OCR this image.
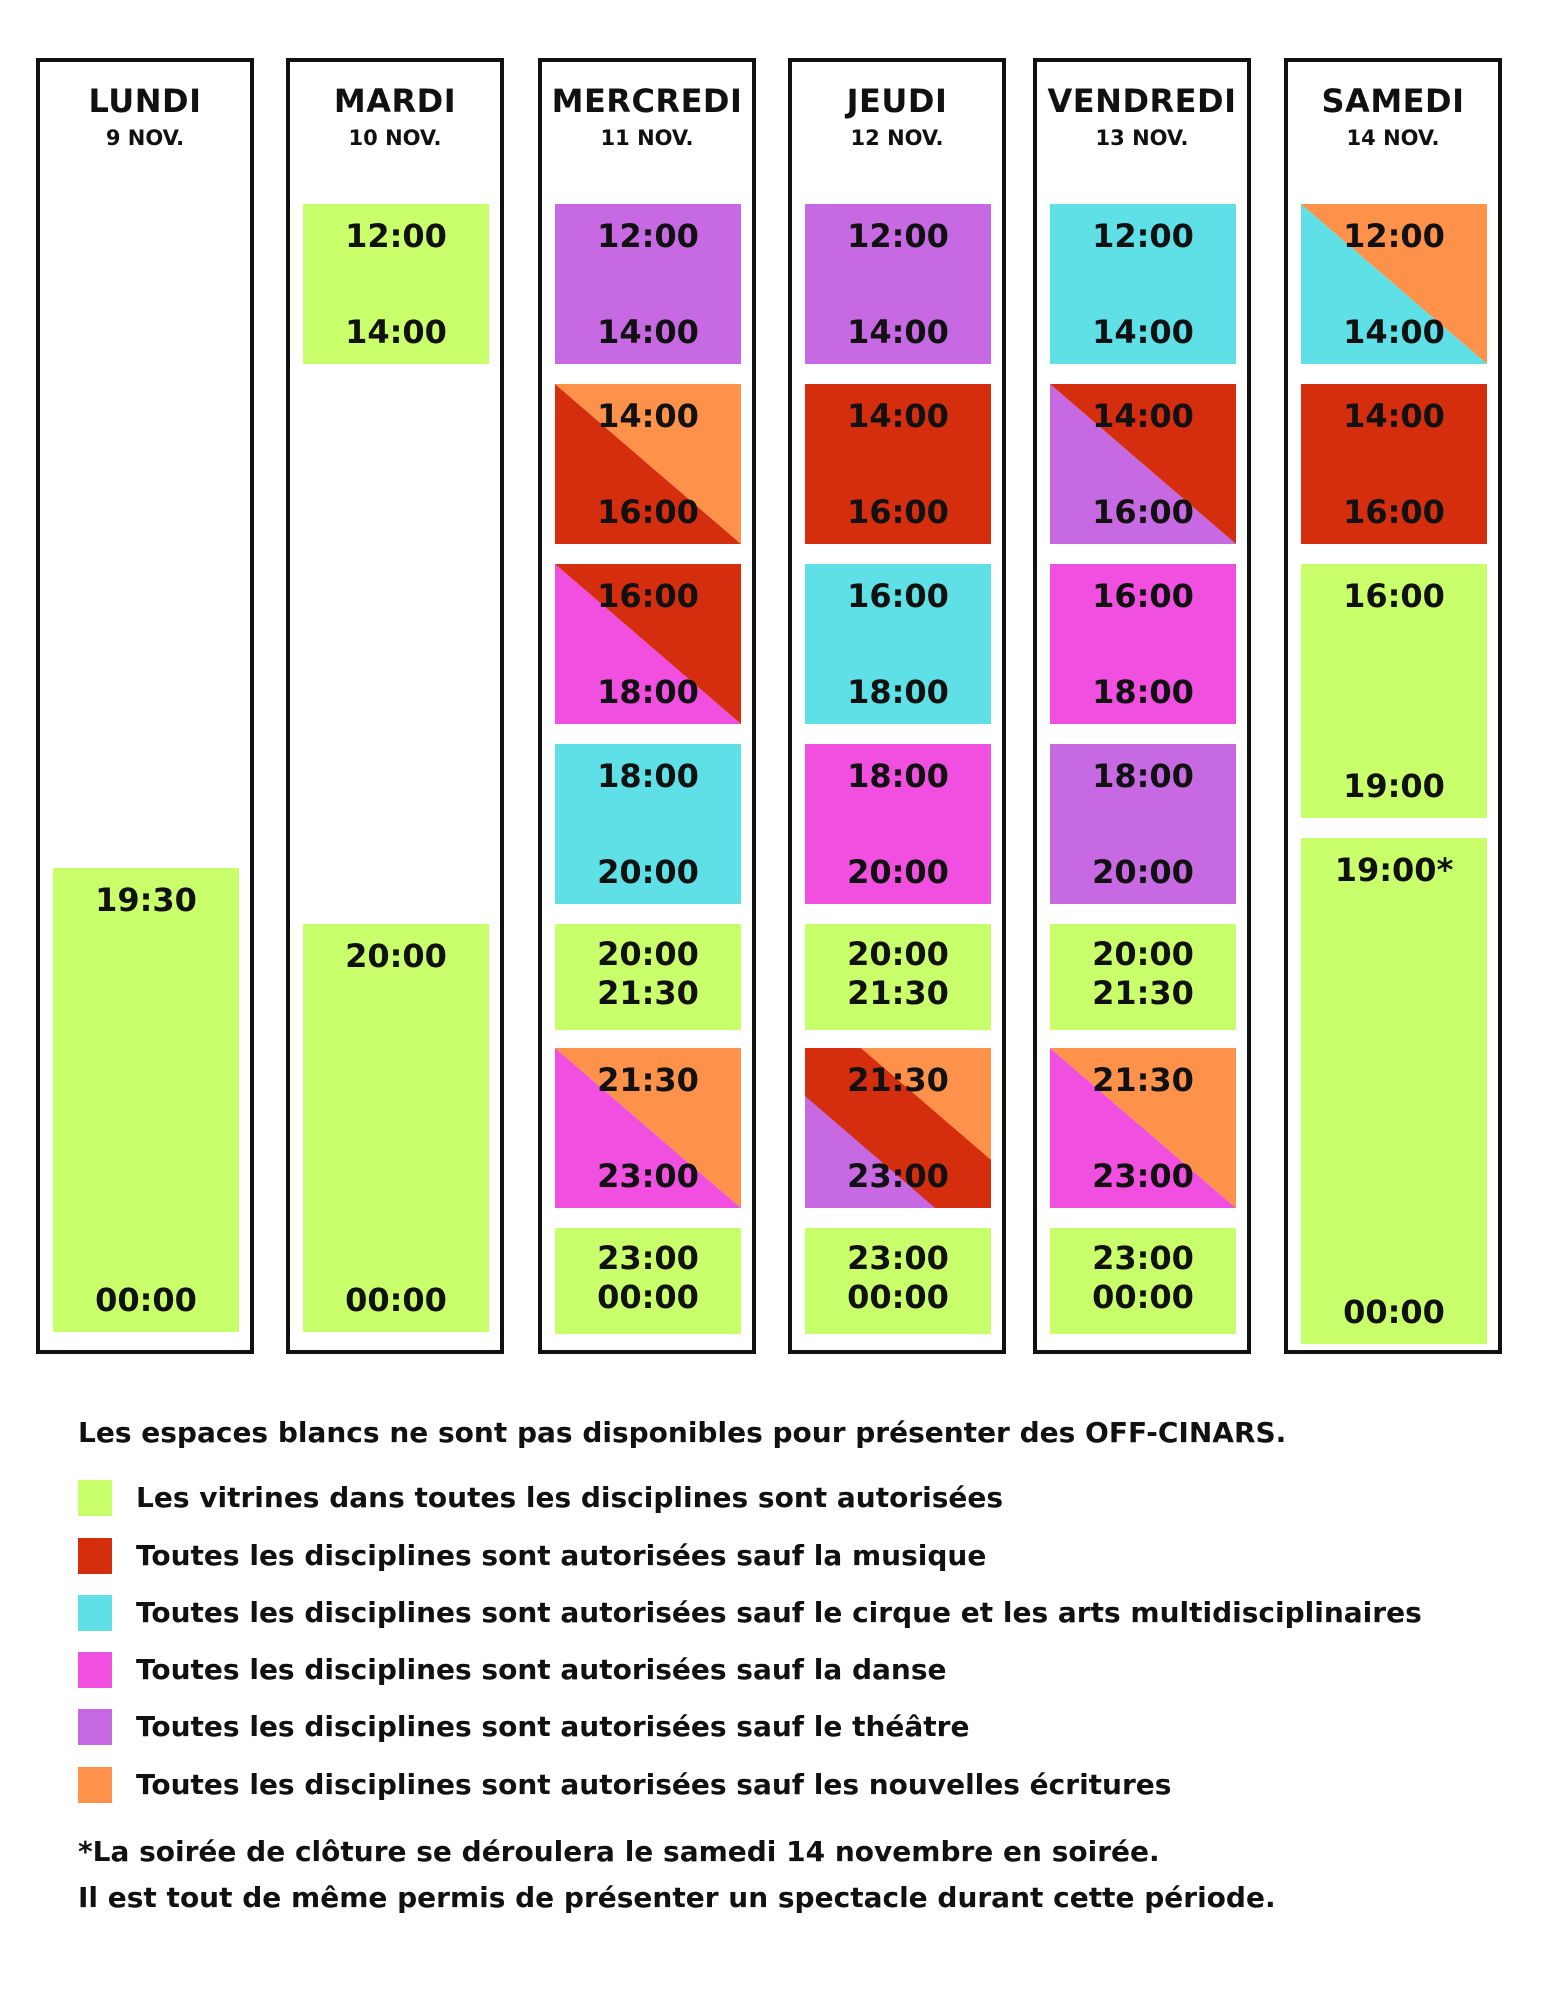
LUNDI
9 NOV.
19:30
00:00
MARDI
10 NOV.
12:00
14:00
20:00
00:00
MERCREDI
11 NOV.
12:00
14:00
14:00
16:00
16:00
18:00
18:00
20:00
20:00
21:30
21:30
23:00
23:00
00:00
JEUDI
12 NOV.
12:00
14:00
14:00
16:00
16:00
18:00
18:00
20:00
20:00
21:30
21:30
23:00
23:00
00:00
VENDREDI
13 NOV.
12:00
14:00
14:00
16:00
16:00
18:00
18:00
20:00
20:00
21:30
21:30
23:00
23:00
00:00
SAMEDI
14 NOV.
12:00
14:00
14:00
16:00
16:00
19:00
19:00*
00:00
Les espaces blancs ne sont pas disponibles pour présenter des OFF-CINARS.
Les vitrines dans toutes les disciplines sont autorisées
Toutes les disciplines sont autorisées sauf la musique
Toutes les disciplines sont autorisées sauf le cirque et les arts multidisciplinaires
Toutes les disciplines sont autorisées sauf la danse
Toutes les disciplines sont autorisées sauf le théâtre
Toutes les disciplines sont autorisées sauf les nouvelles écritures
*La soirée de clôture se déroulera le samedi 14 novembre en soirée.
Il est tout de même permis de présenter un spectacle durant cette période.
